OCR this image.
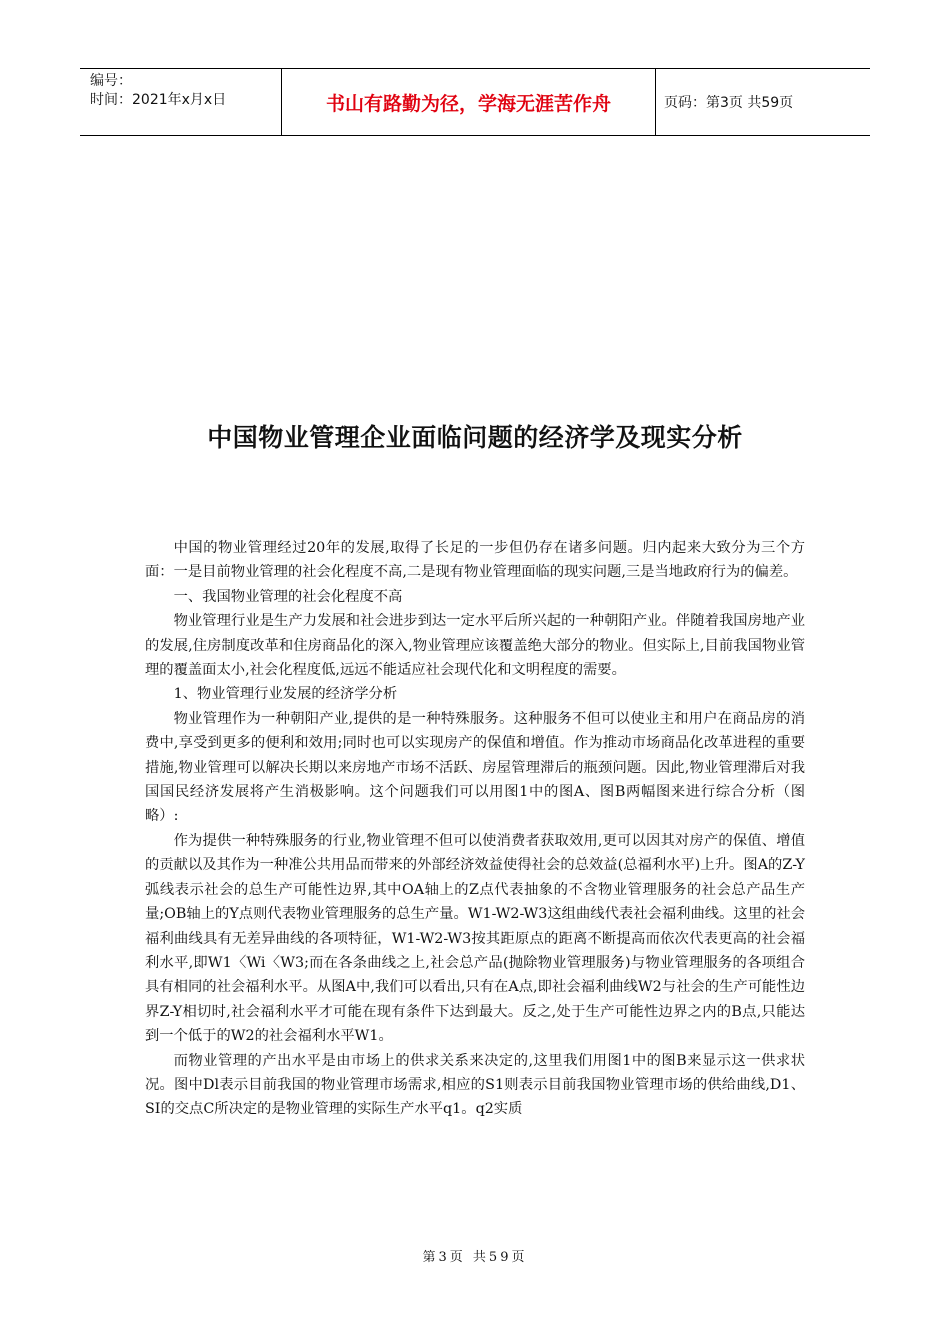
编号：
时间：2021年x月x日	书山有路勤为径，学海无涯苦作舟	页码：第3页 共59页
中国物业管理企业面临问题的经济学及现实分析

中国的物业管理经过20年的发展,取得了长足的一步但仍存在诸多问题。归内起来大致分为三个方面：一是目前物业管理的社会化程度不高,二是现有物业管理面临的现实问题,三是当地政府行为的偏差。

一、我国物业管理的社会化程度不高

物业管理行业是生产力发展和社会进步到达一定水平后所兴起的一种朝阳产业。伴随着我国房地产业的发展,住房制度改革和住房商品化的深入,物业管理应该覆盖绝大部分的物业。但实际上,目前我国物业管理的覆盖面太小,社会化程度低,远远不能适应社会现代化和文明程度的需要。

1、物业管理行业发展的经济学分析

物业管理作为一种朝阳产业,提供的是一种特殊服务。这种服务不但可以使业主和用户在商品房的消费中,享受到更多的便利和效用;同时也可以实现房产的保值和增值。作为推动市场商品化改革进程的重要措施,物业管理可以解决长期以来房地产市场不活跃、房屋管理滞后的瓶颈问题。因此,物业管理滞后对我国国民经济发展将产生消极影响。这个问题我们可以用图1中的图A、图B两幅图来进行综合分析（图略）:

作为提供一种特殊服务的行业,物业管理不但可以使消费者获取效用,更可以因其对房产的保值、增值的贡献以及其作为一种准公共用品而带来的外部经济效益使得社会的总效益(总福利水平)上升。图A的Z-Y弧线表示社会的总生产可能性边界,其中OA轴上的Z点代表抽象的不含物业管理服务的社会总产品生产量;OB轴上的Y点则代表物业管理服务的总生产量。W1-W2-W3这组曲线代表社会福利曲线。这里的社会福利曲线具有无差异曲线的各项特征，W1-W2-W3按其距原点的距离不断提高而依次代表更高的社会福利水平,即W1〈Wi〈W3;而在各条曲线之上,社会总产品(抛除物业管理服务)与物业管理服务的各项组合具有相同的社会福利水平。从图A中,我们可以看出,只有在A点,即社会福利曲线W2与社会的生产可能性边界Z-Y相切时,社会福利水平才可能在现有条件下达到最大。反之,处于生产可能性边界之内的B点,只能达到一个低于的W2的社会福利水平W1。

而物业管理的产出水平是由市场上的供求关系来决定的,这里我们用图1中的图B来显示这一供求状况。图中Dl表示目前我国的物业管理市场需求,相应的S1则表示目前我国物业管理市场的供给曲线,D1、SI的交点C所决定的是物业管理的实际生产水平q1。q2实质

第3页 共59页
